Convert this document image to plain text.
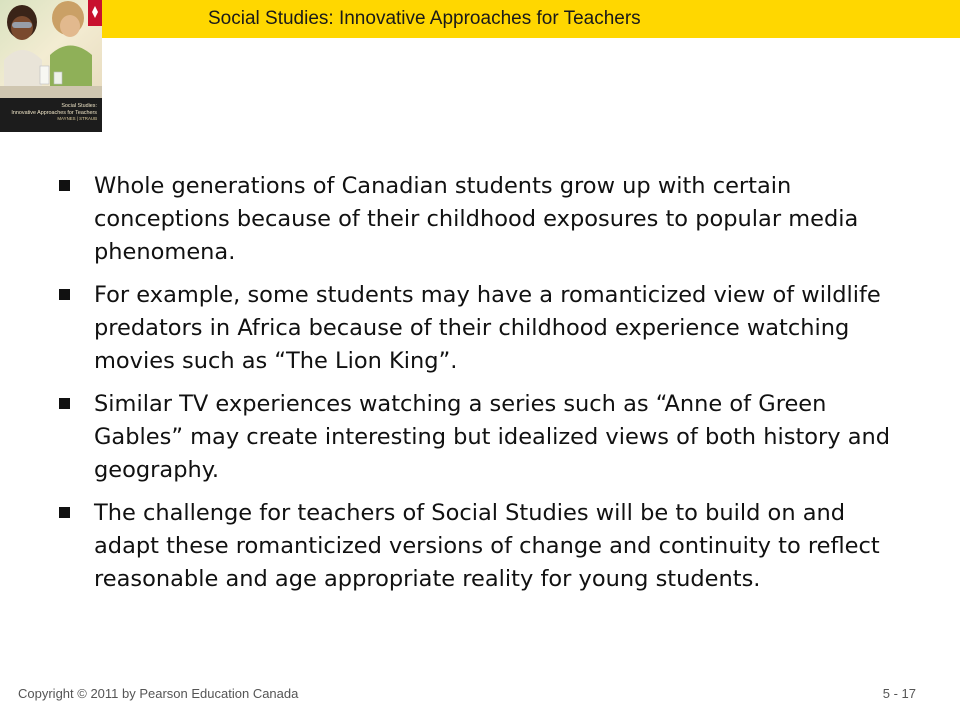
Social Studies: Innovative Approaches for Teachers
Social Studies:
Innovative Approaches for Teachers
MAYNES | STRAUB
Whole generations of Canadian students grow up with certain conceptions because of their childhood exposures to popular media phenomena.
For example, some students may have a romanticized view of wildlife predators in Africa because of their childhood experience watching movies such as “The Lion King”.
Similar TV experiences watching a series such as “Anne of Green Gables” may create interesting but idealized views of both history and geography.
The challenge for teachers of Social Studies will be to build on and adapt these romanticized versions of change and continuity to reflect reasonable and age appropriate reality for young students.
Copyright © 2011 by Pearson Education Canada	5 - 17
